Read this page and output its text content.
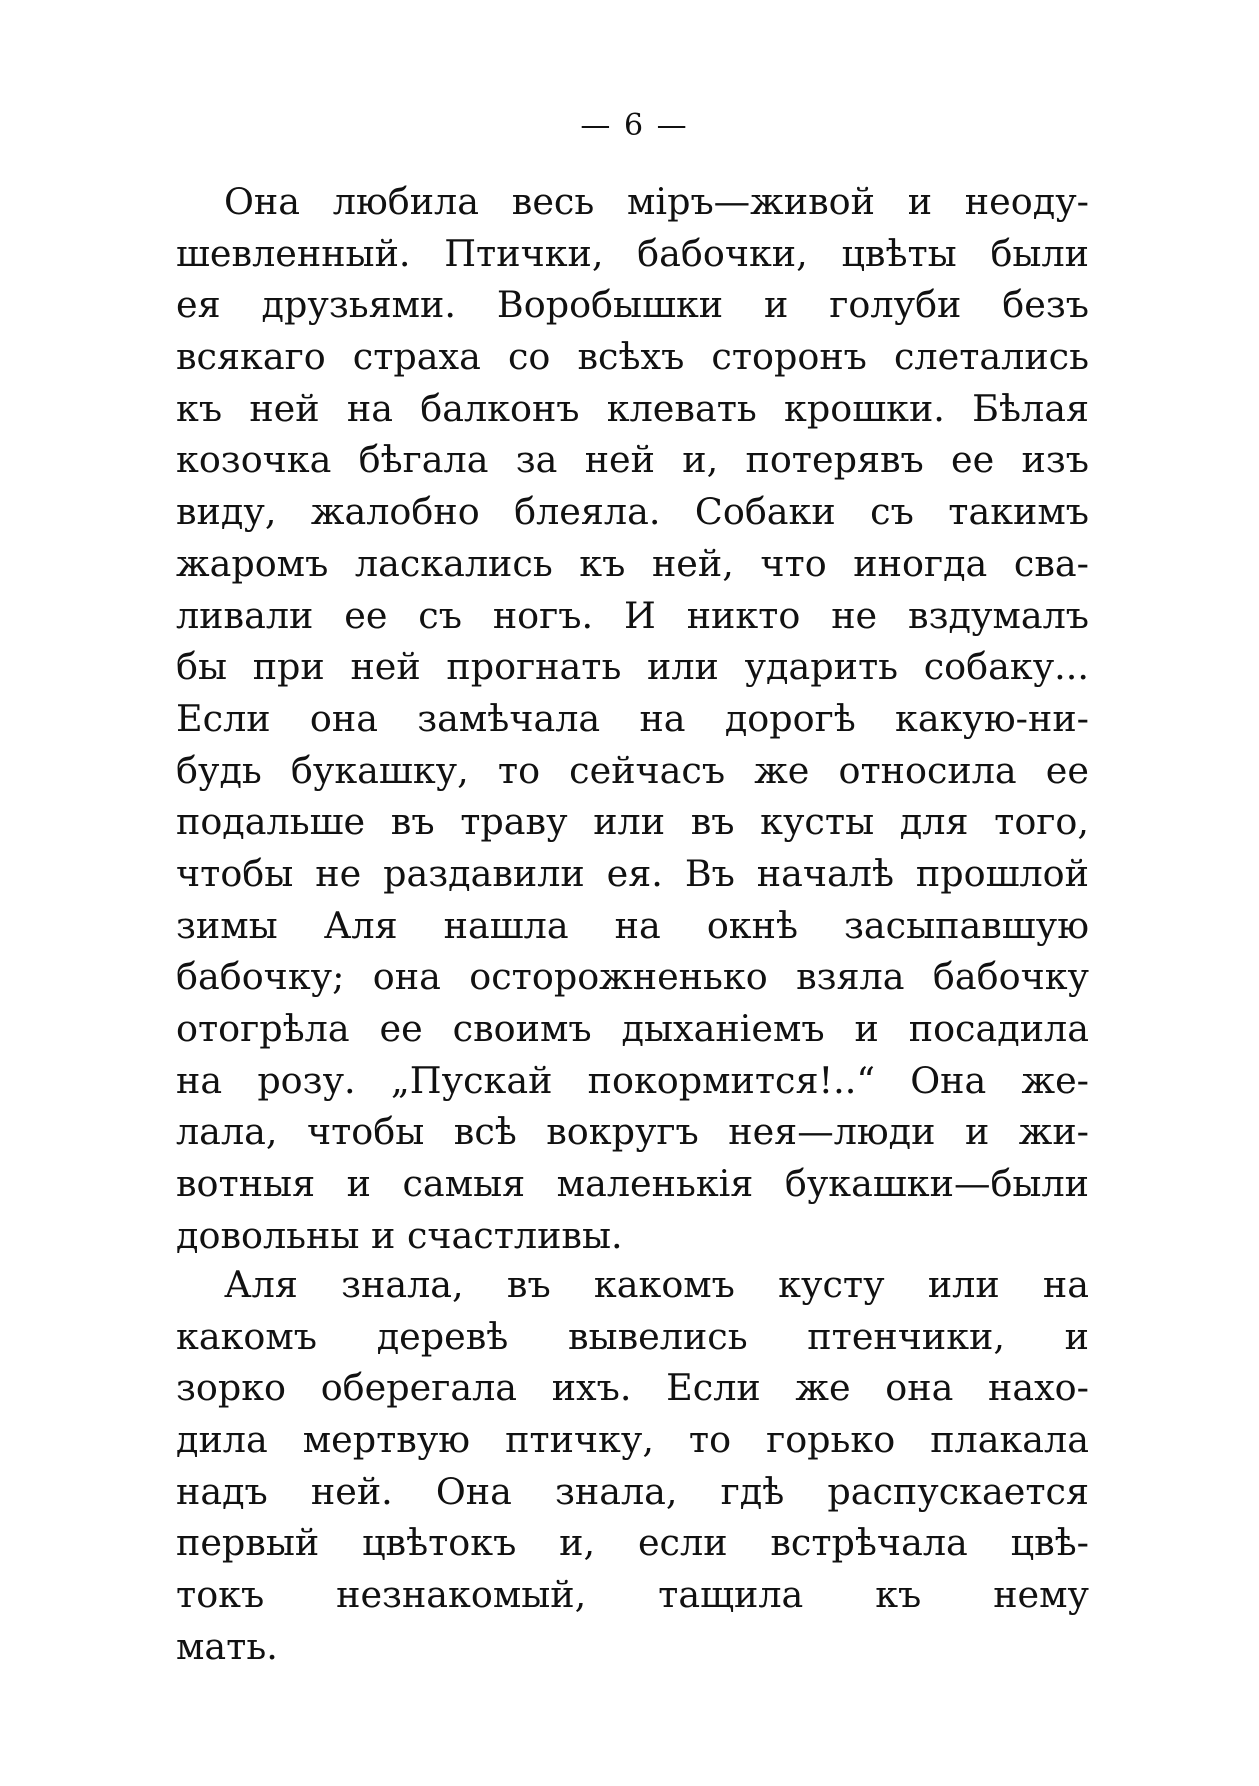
— 6 —
Она любила весь міръ—живой и неоду-
шевленный. Птички, бабочки, цвѣты были
ея друзьями. Воробышки и голуби безъ
всякаго страха со всѣхъ сторонъ слетались
къ ней на балконъ клевать крошки. Бѣлая
козочка бѣгала за ней и, потерявъ ее изъ
виду, жалобно блеяла. Собаки съ такимъ
жаромъ ласкались къ ней, что иногда сва-
ливали ее съ ногъ. И никто не вздумалъ
бы при ней прогнать или ударить собаку...
Если она замѣчала на дорогѣ какую-ни-
будь букашку, то сейчасъ же относила ее
подальше въ траву или въ кусты для того,
чтобы не раздавили ея. Въ началѣ прошлой
зимы Аля нашла на окнѣ засыпавшую
бабочку; она осторожненько взяла бабочку
отогрѣла ее своимъ дыханіемъ и посадила
на розу. „Пускай покормится!..“ Она же-
лала, чтобы всѣ вокругъ нея—люди и жи-
вотныя и самыя маленькія букашки—были
довольны и счастливы.
Аля знала, въ какомъ кусту или на
какомъ деревѣ вывелись птенчики, и
зорко оберегала ихъ. Если же она нахо-
дила мертвую птичку, то горько плакала
надъ ней. Она знала, гдѣ распускается
первый цвѣтокъ и, если встрѣчала цвѣ-
токъ незнакомый, тащила къ нему
мать.
